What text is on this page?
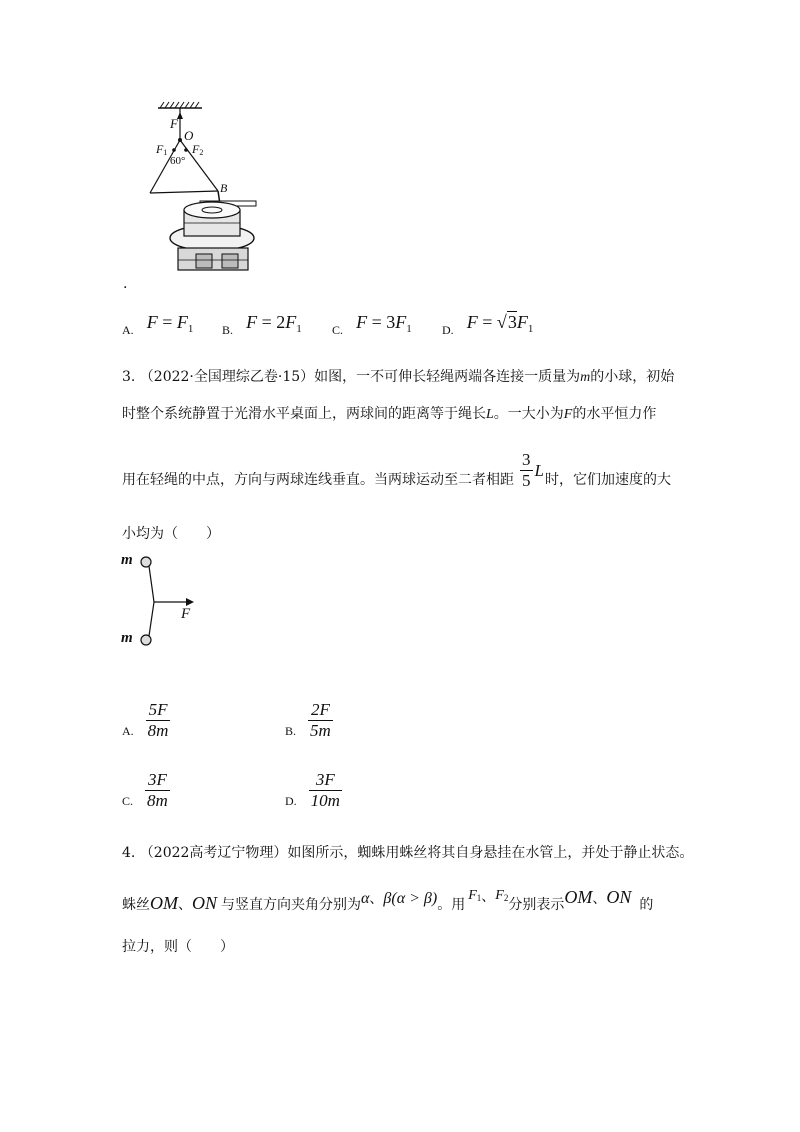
F
O
F1 F2
60°
B
.
A. $F = F_1$ B. $F = 2F_1$	C. $F = 3F_1$	D. $F = √3F_1$
3. （2022·全国理综乙卷·15）如图，一不可伸长轻绳两端各连接一质量为m的小球，初始
时整个系统静置于光滑水平桌面上，两球间的距离等于绳长L。一大小为F的水平恒力作
用在轻绳的中点，方向与两球连线垂直。当两球运动至二者相距 $\frac{3}{5}$ L
时，它们加速度的大
小均为（　　）
m
m
F
A. $\frac{5F}{8m}$	B. $\frac{2F}{5m}$
C. $\frac{3F}{8m}$	D. $\frac{3F}{10m}$
4. （2022高考辽宁物理）如图所示，蜘蛛用蛛丝将其自身悬挂在水管上，并处于静止状态。
蛛丝OM、ON 与竖直方向夹角分别为α、β(α > β)。用F1、F2分别表示OM、ON 的
拉力，则（　　）
